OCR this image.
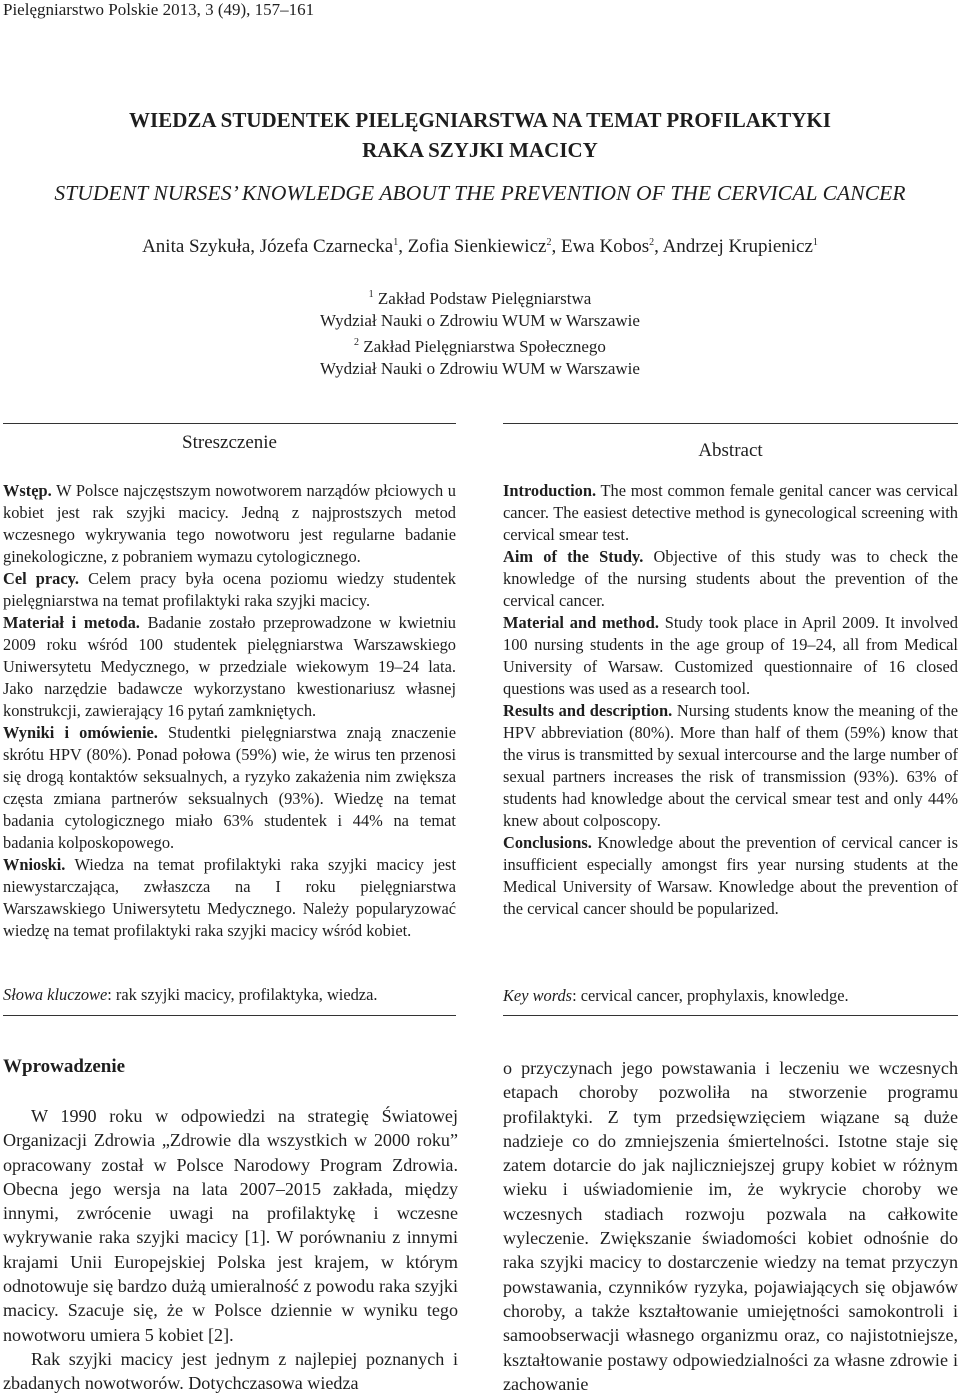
Pielęgniarstwo Polskie 2013, 3 (49), 157–161
WIEDZA STUDENTEK PIELĘGNIARSTWA NA TEMAT PROFILAKTYKI
RAKA SZYJKI MACICY
STUDENT NURSES’ KNOWLEDGE ABOUT THE PREVENTION OF THE CERVICAL CANCER
Anita Szykuła, Józefa Czarnecka$^1$, Zofia Sienkiewicz$^2$, Ewa Kobos$^2$, Andrzej Krupienicz$^1$
$^1$ Zakład Podstaw Pielęgniarstwa
Wydział Nauki o Zdrowiu WUM w Warszawie
$^2$ Zakład Pielęgniarstwa Społecznego
Wydział Nauki o Zdrowiu WUM w Warszawie
Streszczenie

Wstęp. W Polsce najczęstszym nowotworem narządów płciowych u kobiet jest rak szyjki macicy. Jedną z najprostszych metod wczesnego wykrywania tego nowotworu jest regularne badanie ginekologiczne, z pobraniem wymazu cytologicznego.

Cel pracy. Celem pracy była ocena poziomu wiedzy studentek pielęgniarstwa na temat profilaktyki raka szyjki macicy.

Materiał i metoda. Badanie zostało przeprowadzone w kwietniu 2009 roku wśród 100 studentek pielęgniarstwa Warszawskiego Uniwersytetu Medycznego, w przedziale wiekowym 19–24 lata. Jako narzędzie badawcze wykorzystano kwestionariusz własnej konstrukcji, zawierający 16 pytań zamkniętych.

Wyniki i omówienie. Studentki pielęgniarstwa znają znaczenie skrótu HPV (80%). Ponad połowa (59%) wie, że wirus ten przenosi się drogą kontaktów seksualnych, a ryzyko zakażenia nim zwiększa częsta zmiana partnerów seksualnych (93%). Wiedzę na temat badania cytologicznego miało 63% studentek i 44% na temat badania kolposkopowego.

Wnioski. Wiedza na temat profilaktyki raka szyjki macicy jest niewystarczająca, zwłaszcza na I roku pielęgniarstwa Warszawskiego Uniwersytetu Medycznego. Należy popularyzować wiedzę na temat profilaktyki raka szyjki macicy wśród kobiet.

Słowa kluczowe: rak szyjki macicy, profilaktyka, wiedza.
Abstract

Introduction. The most common female genital cancer was cervical cancer. The easiest detective method is gynecological screening with cervical smear test.

Aim of the Study. Objective of this study was to check the knowledge of the nursing students about the prevention of the cervical cancer.

Material and method. Study took place in April 2009. It involved 100 nursing students in the age group of 19–24, all from Medical University of Warsaw. Customized questionnaire of 16 closed questions was used as a research tool.

Results and description. Nursing students know the meaning of the HPV abbreviation (80%). More than half of them (59%) know that the virus is transmitted by sexual intercourse and the large number of sexual partners increases the risk of transmission (93%). 63% of students had knowledge about the cervical smear test and only 44% knew about colposcopy.

Conclusions. Knowledge about the prevention of cervical cancer is insufficient especially amongst firs year nursing students at the Medical University of Warsaw. Knowledge about the prevention of the cervical cancer should be popularized.

Key words: cervical cancer, prophylaxis, knowledge.
Wprowadzenie

W 1990 roku w odpowiedzi na strategię Światowej Organizacji Zdrowia „Zdrowie dla wszystkich w 2000 roku” opracowany został w Polsce Narodowy Program Zdrowia. Obecna jego wersja na lata 2007–2015 zakłada, między innymi, zwrócenie uwagi na profilaktykę i wczesne wykrywanie raka szyjki macicy [1]. W porównaniu z innymi krajami Unii Europejskiej Polska jest krajem, w którym odnotowuje się bardzo dużą umieralność z powodu raka szyjki macicy. Szacuje się, że w Polsce dziennie w wyniku tego nowotworu umiera 5 kobiet [2].

Rak szyjki macicy jest jednym z najlepiej poznanych i zbadanych nowotworów. Dotychczasowa wiedza

o przyczynach jego powstawania i leczeniu we wczesnych etapach choroby pozwoliła na stworzenie programu profilaktyki. Z tym przedsięwzięciem wiązane są duże nadzieje co do zmniejszenia śmiertelności. Istotne staje się zatem dotarcie do jak najliczniejszej grupy kobiet w różnym wieku i uświadomienie im, że wykrycie choroby we wczesnych stadiach rozwoju pozwala na całkowite wyleczenie. Zwiększanie świadomości kobiet odnośnie do raka szyjki macicy to dostarczenie wiedzy na temat przyczyn powstawania, czynników ryzyka, pojawiających się objawów choroby, a także kształtowanie umiejętności samokontroli i samoobserwacji własnego organizmu oraz, co najistotniejsze, kształtowanie postawy odpowiedzialności za własne zdrowie i zachowanie
